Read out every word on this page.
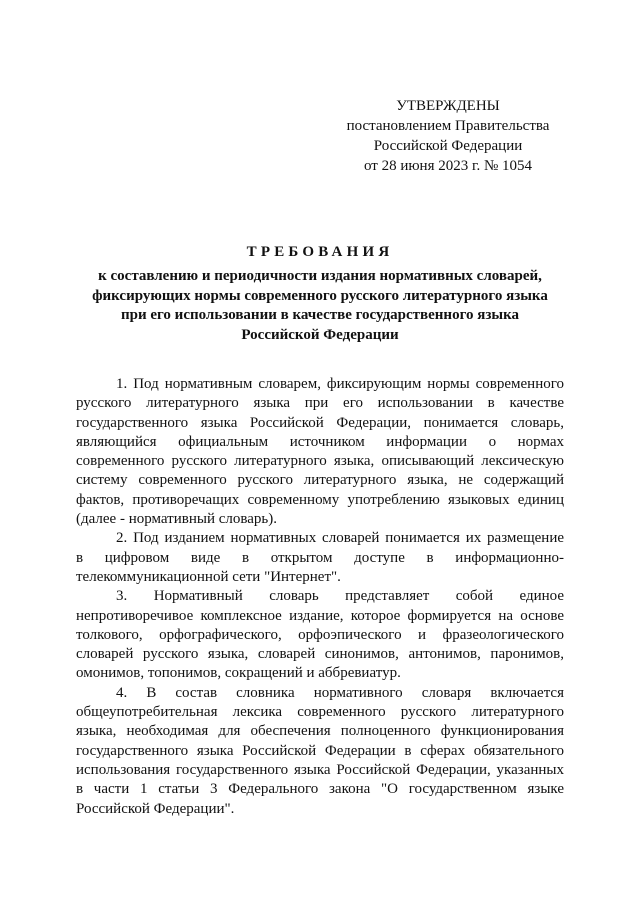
УТВЕРЖДЕНЫ
постановлением Правительства
Российской Федерации
от 28 июня 2023 г. № 1054
ТРЕБОВАНИЯ
к составлению и периодичности издания нормативных словарей,
фиксирующих нормы современного русского литературного языка
при его использовании в качестве государственного языка
Российской Федерации

1. Под нормативным словарем, фиксирующим нормы современного
русского литературного языка при его использовании в качестве
государственного языка Российской Федерации, понимается словарь,
являющийся официальным источником информации о нормах
современного русского литературного языка, описывающий лексическую
систему современного русского литературного языка, не содержащий
фактов, противоречащих современному употреблению языковых единиц
(далее - нормативный словарь).

2. Под изданием нормативных словарей понимается их размещение
в цифровом виде в открытом доступе в информационно-
телекоммуникационной сети "Интернет".

3. Нормативный словарь представляет собой единое
непротиворечивое комплексное издание, которое формируется на основе
толкового, орфографического, орфоэпического и фразеологического
словарей русского языка, словарей синонимов, антонимов, паронимов,
омонимов, топонимов, сокращений и аббревиатур.

4. В состав словника нормативного словаря включается
общеупотребительная лексика современного русского литературного
языка, необходимая для обеспечения полноценного функционирования
государственного языка Российской Федерации в сферах обязательного
использования государственного языка Российской Федерации, указанных
в части 1 статьи 3 Федерального закона "О государственном языке
Российской Федерации".
